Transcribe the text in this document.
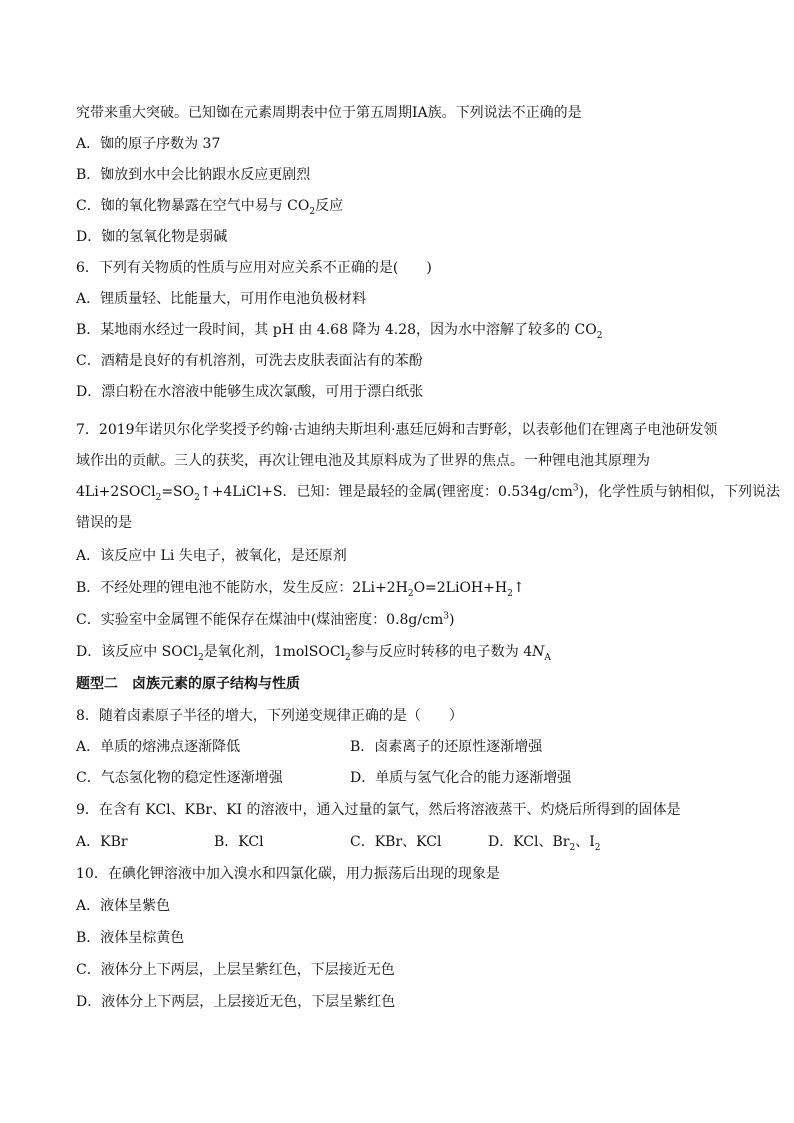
究带来重大突破。已知铷在元素周期表中位于第五周期ⅠA族。下列说法不正确的是
A．铷的原子序数为 37
B．铷放到水中会比钠跟水反应更剧烈
C．铷的氧化物暴露在空气中易与 $CO_2$反应
D．铷的氢氧化物是弱碱
6．下列有关物质的性质与应用对应关系不正确的是(　　)
A．锂质量轻、比能量大，可用作电池负极材料
B．某地雨水经过一段时间，其 pH 由 4.68 降为 4.28，因为水中溶解了较多的 $CO_2$
C．酒精是良好的有机溶剂，可洗去皮肤表面沾有的苯酚
D．漂白粉在水溶液中能够生成次氯酸，可用于漂白纸张
7．2019年诺贝尔化学奖授予约翰·古迪纳夫斯坦利·惠廷厄姆和吉野彰，以表彰他们在锂离子电池研发领
域作出的贡献。三人的获奖，再次让锂电池及其原料成为了世界的焦点。一种锂电池其原理为
$4Li+2SOCl_2=SO_2↑+4LiCl+S$．已知：锂是最轻的金属(锂密度：$0.534g/cm^3$)，化学性质与钠相似，下列说法
错误的是
A．该反应中 Li 失电子，被氧化，是还原剂
B．不经处理的锂电池不能防水，发生反应：$2Li+2H_2O=2LiOH+H_2↑$
C．实验室中金属锂不能保存在煤油中(煤油密度：$0.8g/cm^3$)
D．该反应中 SOCl$_2$是氧化剂，1molSOCl$_2$参与反应时转移的电子数为 $4N_A$
题型二　卤族元素的原子结构与性质
8．随着卤素原子半径的增大，下列递变规律正确的是（　　）
A．单质的熔沸点逐渐降低	B．卤素离子的还原性逐渐增强
C．气态氢化物的稳定性逐渐增强	D．单质与氢气化合的能力逐渐增强
9．在含有 KCl、KBr、KI 的溶液中，通入过量的氯气，然后将溶液蒸干、灼烧后所得到的固体是
A．KBr	B．KCl	C．KBr、KCl	D．KCl、$Br_2$、$I_2$
10．在碘化钾溶液中加入溴水和四氯化碳，用力振荡后出现的现象是
A．液体呈紫色
B．液体呈棕黄色
C．液体分上下两层，上层呈紫红色，下层接近无色
D．液体分上下两层，上层接近无色，下层呈紫红色
